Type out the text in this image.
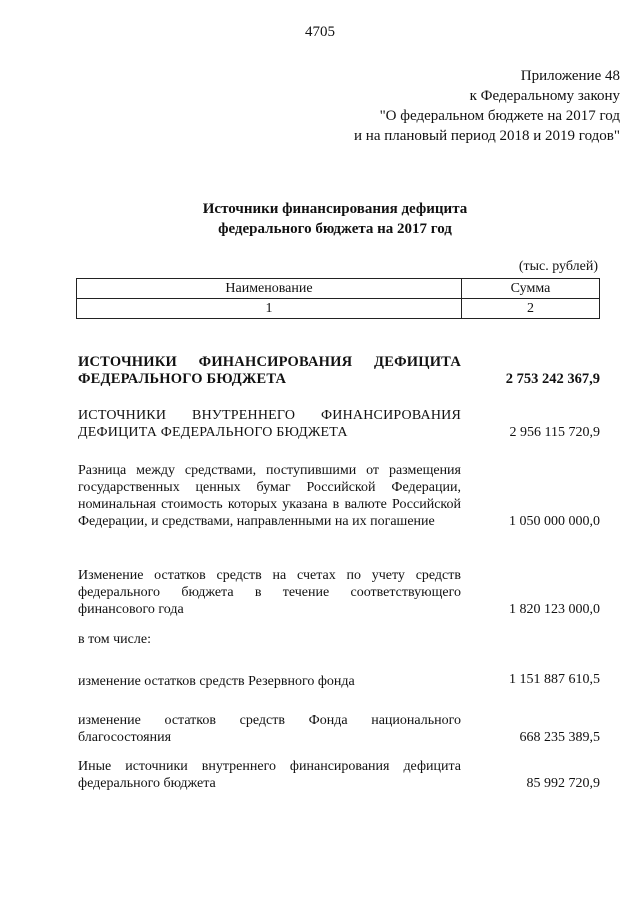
4705
Приложение 48
к Федеральному закону
"О федеральном бюджете на 2017 год
и на плановый период 2018 и 2019 годов"
Источники финансирования дефицита
федерального бюджета на 2017 год
(тыс. рублей)
Наименование	Сумма
1	2
ИСТОЧНИКИ ФИНАНСИРОВАНИЯ ДЕФИЦИТА ФЕДЕРАЛЬНОГО БЮДЖЕТА	2 753 242 367,9
ИСТОЧНИКИ ВНУТРЕННЕГО ФИНАНСИРОВАНИЯ ДЕФИЦИТА ФЕДЕРАЛЬНОГО БЮДЖЕТА	2 956 115 720,9
Разница между средствами, поступившими от размещения государственных ценных бумаг Российской Федерации, номинальная стоимость которых указана в валюте Российской Федерации, и средствами, направленными на их погашение	1 050 000 000,0
Изменение остатков средств на счетах по учету средств федерального бюджета в течение соответствующего финансового года	1 820 123 000,0
в том числе:
изменение остатков средств Резервного фонда	1 151 887 610,5
изменение остатков средств Фонда национального благосостояния	668 235 389,5
Иные источники внутреннего финансирования дефицита федерального бюджета	85 992 720,9
